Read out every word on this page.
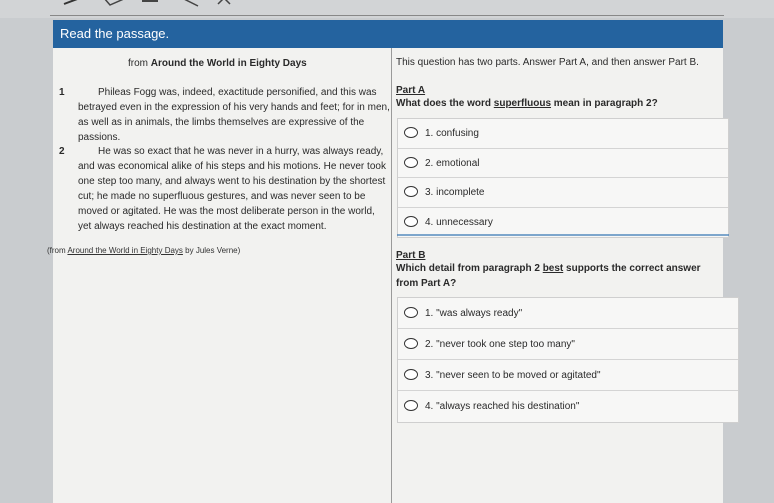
Read the passage.
from Around the World in Eighty Days
1	Phileas Fogg was, indeed, exactitude personified, and this was betrayed even in the expression of his very hands and feet; for in men, as well as in animals, the limbs themselves are expressive of the passions.
2	He was so exact that he was never in a hurry, was always ready, and was economical alike of his steps and his motions. He never took one step too many, and always went to his destination by the shortest cut; he made no superfluous gestures, and was never seen to be moved or agitated. He was the most deliberate person in the world, yet always reached his destination at the exact moment.
(from Around the World in Eighty Days by Jules Verne)
This question has two parts. Answer Part A, and then answer Part B.
Part A
What does the word superfluous mean in paragraph 2?
1. confusing
2. emotional
3. incomplete
4. unnecessary
Part B
Which detail from paragraph 2 best supports the correct answer from Part A?
1. "was always ready"
2. "never took one step too many"
3. "never seen to be moved or agitated"
4. "always reached his destination"
